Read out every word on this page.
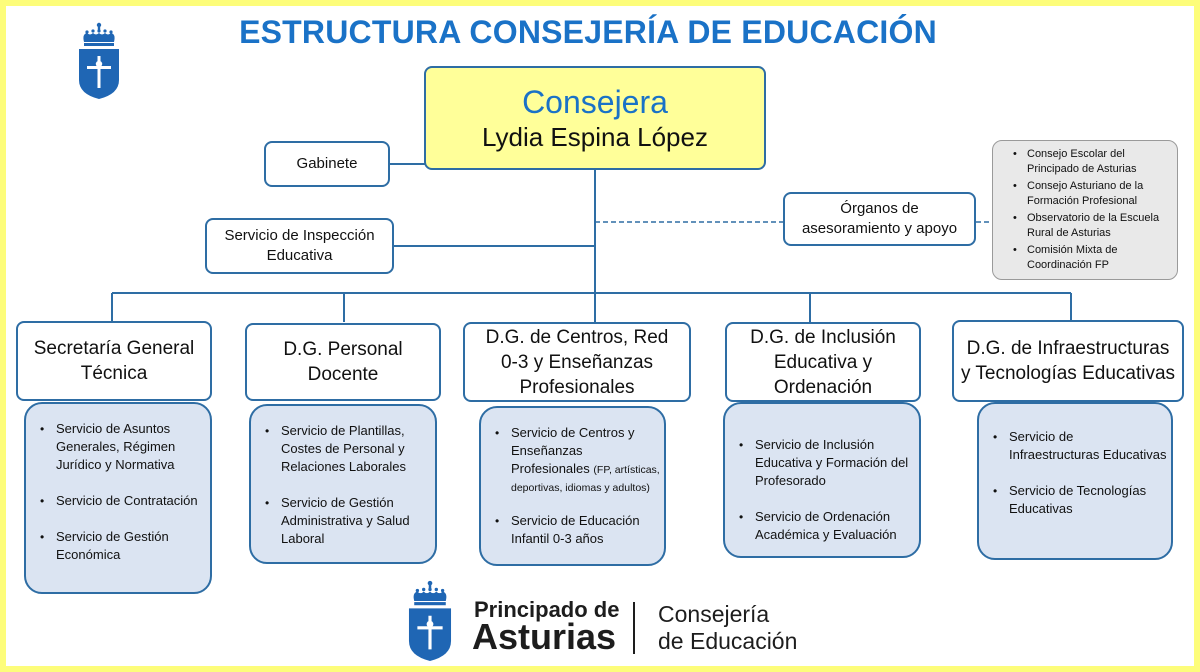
ESTRUCTURA CONSEJERÍA DE EDUCACIÓN
Consejera
Lydia Espina López
Gabinete
Servicio de Inspección Educativa
Órganos de asesoramiento y apoyo
• Consejo Escolar del Principado de Asturias
• Consejo Asturiano de la Formación Profesional
• Observatorio de la Escuela Rural de Asturias
• Comisión Mixta de Coordinación FP
Secretaría General Técnica
D.G. Personal Docente
D.G. de Centros, Red 0-3 y Enseñanzas Profesionales
D.G. de Inclusión Educativa y Ordenación
D.G. de Infraestructuras y Tecnologías Educativas
• Servicio de Asuntos Generales, Régimen Jurídico y Normativa
• Servicio de Contratación
• Servicio de Gestión Económica
• Servicio de Plantillas, Costes de Personal y Relaciones Laborales
• Servicio de Gestión Administrativa y Salud Laboral
• Servicio de Centros y Enseñanzas Profesionales (FP, artísticas, deportivas, idiomas y adultos)
• Servicio de Educación Infantil 0-3 años
• Servicio de Inclusión Educativa y Formación del Profesorado
• Servicio de Ordenación Académica y Evaluación
• Servicio de Infraestructuras Educativas
• Servicio de Tecnologías Educativas
Principado de
Asturias
Consejería
de Educación
